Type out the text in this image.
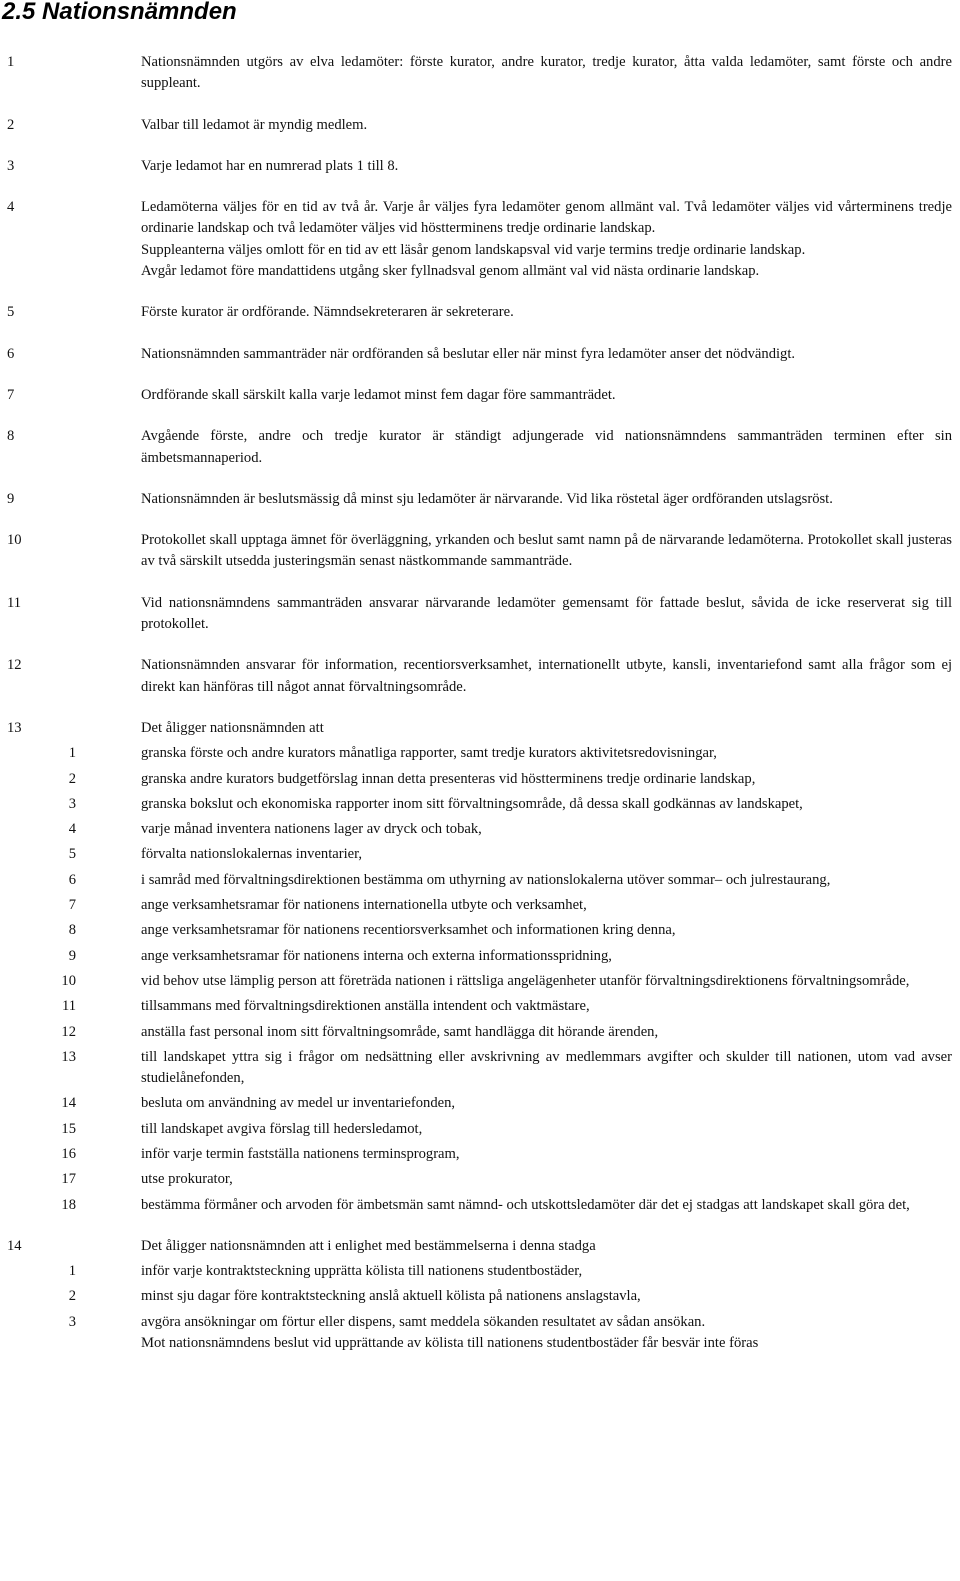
2.5 Nationsnämnden
1	Nationsnämnden utgörs av elva ledamöter: förste kurator, andre kurator, tredje kurator, åtta valda ledamöter, samt förste och andre suppleant.
2	Valbar till ledamot är myndig medlem.
3	Varje ledamot har en numrerad plats 1 till 8.
4	Ledamöterna väljes för en tid av två år. Varje år väljes fyra ledamöter genom allmänt val. Två ledamöter väljes vid vårterminens tredje ordinarie landskap och två ledamöter väljes vid höstterminens tredje ordinarie landskap.
Suppleanterna väljes omlott för en tid av ett läsår genom landskapsval vid varje termins tredje ordinarie landskap.
Avgår ledamot före mandattidens utgång sker fyllnadsval genom allmänt val vid nästa ordinarie landskap.
5	Förste kurator är ordförande. Nämndsekreteraren är sekreterare.
6	Nationsnämnden sammanträder när ordföranden så beslutar eller när minst fyra ledamöter anser det nödvändigt.
7	Ordförande skall särskilt kalla varje ledamot minst fem dagar före sammanträdet.
8	Avgående förste, andre och tredje kurator är ständigt adjungerade vid nationsnämndens sammanträden terminen efter sin ämbetsmannaperiod.
9	Nationsnämnden är beslutsmässig då minst sju ledamöter är närvarande. Vid lika röstetal äger ordföranden utslagsröst.
10	Protokollet skall upptaga ämnet för överläggning, yrkanden och beslut samt namn på de närvarande ledamöterna. Protokollet skall justeras av två särskilt utsedda justeringsmän senast nästkommande sammanträde.
11	Vid nationsnämndens sammanträden ansvarar närvarande ledamöter gemensamt för fattade beslut, såvida de icke reserverat sig till protokollet.
12	Nationsnämnden ansvarar för information, recentiorsverksamhet, internationellt utbyte, kansli, inventariefond samt alla frågor som ej direkt kan hänföras till något annat förvaltningsområde.
13	Det åligger nationsnämnden att
1	granska förste och andre kurators månatliga rapporter, samt tredje kurators aktivitetsredovisningar,
2	granska andre kurators budgetförslag innan detta presenteras vid höstterminens tredje ordinarie landskap,
3	granska bokslut och ekonomiska rapporter inom sitt förvaltningsområde, då dessa skall godkännas av landskapet,
4	varje månad inventera nationens lager av dryck och tobak,
5	förvalta nationslokalernas inventarier,
6	i samråd med förvaltningsdirektionen bestämma om uthyrning av nationslokalerna utöver sommar– och julrestaurang,
7	ange verksamhetsramar för nationens internationella utbyte och verksamhet,
8	ange verksamhetsramar för nationens recentiorsverksamhet och informationen kring denna,
9	ange verksamhetsramar för nationens interna och externa informationsspridning,
10	vid behov utse lämplig person att företräda nationen i rättsliga angelägenheter utanför förvaltningsdirektionens förvaltningsområde,
11	tillsammans med förvaltningsdirektionen anställa intendent och vaktmästare,
12	anställa fast personal inom sitt förvaltningsområde, samt handlägga dit hörande ärenden,
13	till landskapet yttra sig i frågor om nedsättning eller avskrivning av medlemmars avgifter och skulder till nationen, utom vad avser studielånefonden,
14	besluta om användning av medel ur inventariefonden,
15	till landskapet avgiva förslag till hedersledamot,
16	inför varje termin fastställa nationens terminsprogram,
17	utse prokurator,
18	bestämma förmåner och arvoden för ämbetsmän samt nämnd- och utskottsledamöter där det ej stadgas att landskapet skall göra det,
14	Det åligger nationsnämnden att i enlighet med bestämmelserna i denna stadga
1	inför varje kontraktsteckning upprätta kölista till nationens studentbostäder,
2	minst sju dagar före kontraktsteckning anslå aktuell kölista på nationens anslagstavla,
3	avgöra ansökningar om förtur eller dispens, samt meddela sökanden resultatet av sådan ansökan.
Mot nationsnämndens beslut vid upprättande av kölista till nationens studentbostäder får besvär inte föras
